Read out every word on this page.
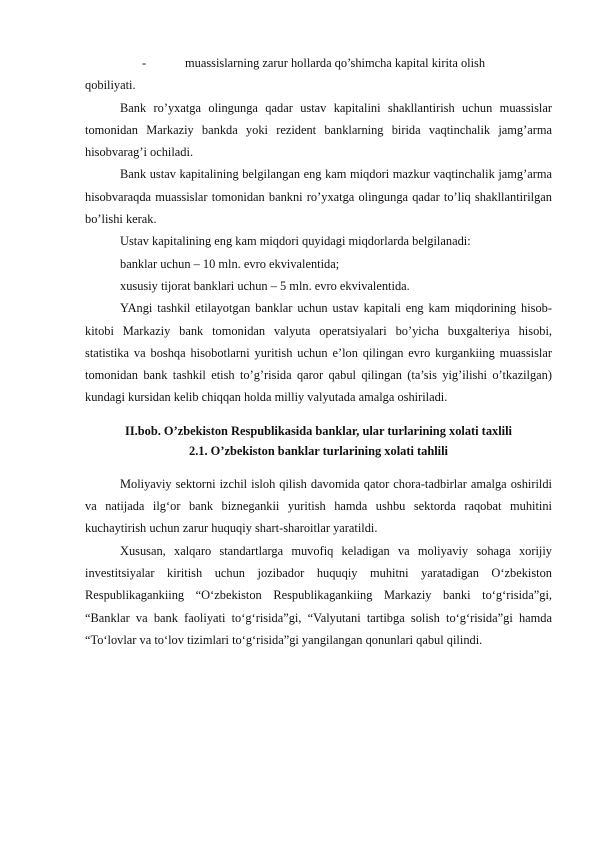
-	muassislarning zarur hollarda qo’shimcha kapital kirita olish

qobiliyati.

Bank ro’yxatga olingunga qadar ustav kapitalini shakllantirish uchun muassislar tomonidan Markaziy bankda yoki rezident banklarning birida vaqtinchalik jamg’arma hisobvarag’i ochiladi.

Bank ustav kapitalining belgilangan eng kam miqdori mazkur vaqtinchalik jamg’arma hisobvaraqda muassislar tomonidan bankni ro’yxatga olingunga qadar to’liq shakllantirilgan bo’lishi kerak.

Ustav kapitalining eng kam miqdori quyidagi miqdorlarda belgilanadi:

banklar uchun – 10 mln. evro ekvivalentida;

xususiy tijorat banklari uchun – 5 mln. evro ekvivalentida.

YAngi tashkil etilayotgan banklar uchun ustav kapitali eng kam miqdorining hisob-kitobi Markaziy bank tomonidan valyuta operatsiyalari bo’yicha buxgalteriya hisobi, statistika va boshqa hisobotlarni yuritish uchun e’lon qilingan evro kurgankiing muassislar tomonidan bank tashkil etish to’g’risida qaror qabul qilingan (ta’sis yig’ilishi o’tkazilgan) kundagi kursidan kelib chiqqan holda milliy valyutada amalga oshiriladi.

II.bob. O’zbekiston Respublikasida banklar, ular turlarining xolati taxlili

2.1. O’zbekiston banklar turlarining xolati tahlili

Moliyaviy sektorni izchil isloh qilish davomida qator chora-tadbirlar amalga oshirildi va natijada ilg‘or bank biznegankii yuritish hamda ushbu sektorda raqobat muhitini kuchaytirish uchun zarur huquqiy shart-sharoitlar yaratildi.

Xususan, xalqaro standartlarga muvofiq keladigan va moliyaviy sohaga xorijiy investitsiyalar kiritish uchun jozibador huquqiy muhitni yaratadigan O‘zbekiston Respublikagankiing “O‘zbekiston Respublikagankiing Markaziy banki to‘g‘risida”gi, “Banklar va bank faoliyati to‘g‘risida”gi, “Valyutani tartibga solish to‘g‘risida”gi hamda “To‘lovlar va to‘lov tizimlari to‘g‘risida”gi yangilangan qonunlari qabul qilindi.
